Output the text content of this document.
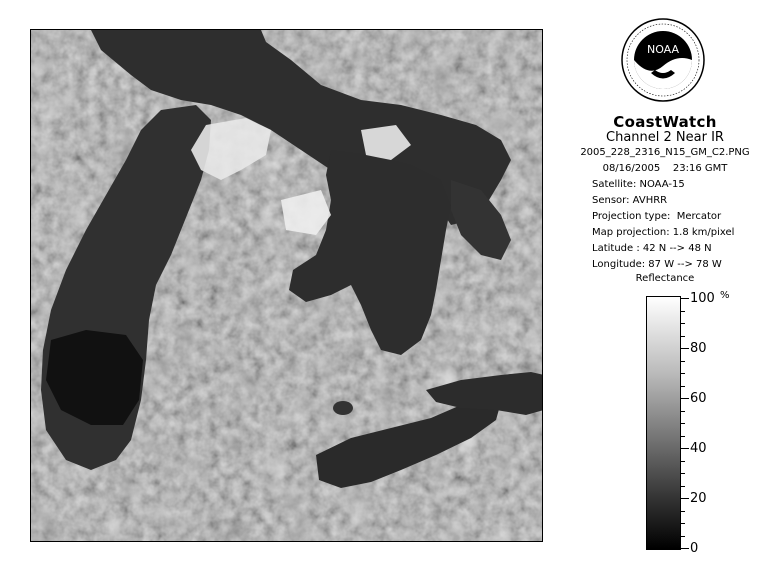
NOAA
CoastWatch
Channel 2 Near IR
2005_228_2316_N15_GM_C2.PNG
08/16/2005    23:16 GMT
Satellite: NOAA-15
Sensor: AVHRR
Projection type:  Mercator
Map projection: 1.8 km/pixel
Latitude : 42 N --> 48 N
Longitude: 87 W --> 78 W
Reflectance
%
0
20
40
60
80
100
